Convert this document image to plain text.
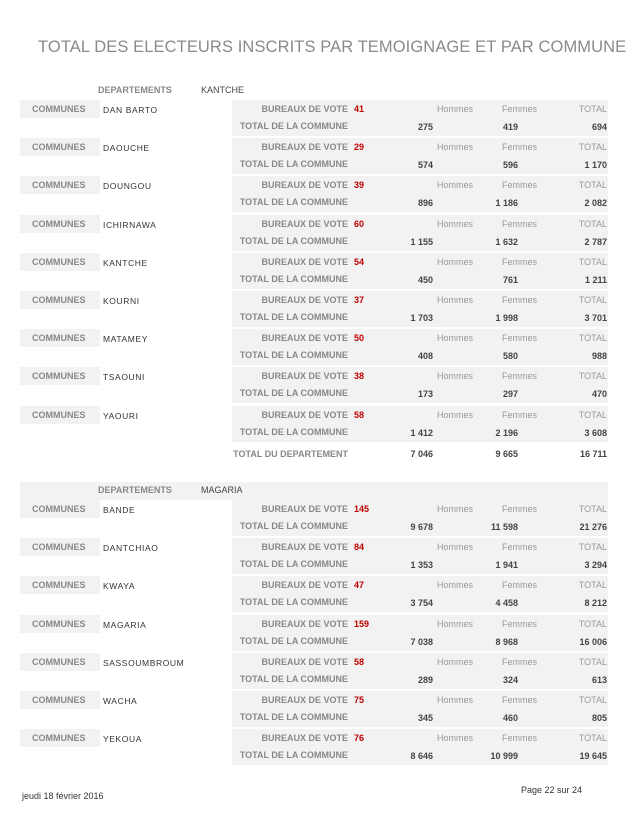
TOTAL DES ELECTEURS INSCRITS PAR TEMOIGNAGE ET PAR COMMUNE
DEPARTEMENTS	KANTCHE
COMMUNES DAN BARTO	BUREAUX DE VOTE 41	Hommes	Femmes	TOTAL
TOTAL DE LA COMMUNE	275	419	694
COMMUNES DAOUCHE	BUREAUX DE VOTE 29	Hommes	Femmes	TOTAL
TOTAL DE LA COMMUNE	574	596	1 170
COMMUNES DOUNGOU	BUREAUX DE VOTE 39	Hommes	Femmes	TOTAL
TOTAL DE LA COMMUNE	896	1 186	2 082
COMMUNES ICHIRNAWA	BUREAUX DE VOTE 60	Hommes	Femmes	TOTAL
TOTAL DE LA COMMUNE	1 155	1 632	2 787
COMMUNES KANTCHE	BUREAUX DE VOTE 54	Hommes	Femmes	TOTAL
TOTAL DE LA COMMUNE	450	761	1 211
COMMUNES KOURNI	BUREAUX DE VOTE 37	Hommes	Femmes	TOTAL
TOTAL DE LA COMMUNE	1 703	1 998	3 701
COMMUNES MATAMEY	BUREAUX DE VOTE 50	Hommes	Femmes	TOTAL
TOTAL DE LA COMMUNE	408	580	988
COMMUNES TSAOUNI	BUREAUX DE VOTE 38	Hommes	Femmes	TOTAL
TOTAL DE LA COMMUNE	173	297	470
COMMUNES YAOURI	BUREAUX DE VOTE 58	Hommes	Femmes	TOTAL
TOTAL DE LA COMMUNE	1 412	2 196	3 608
TOTAL DU DEPARTEMENT	7 046	9 665	16 711
DEPARTEMENTS	MAGARIA
COMMUNES BANDE	BUREAUX DE VOTE 145	Hommes	Femmes	TOTAL
TOTAL DE LA COMMUNE	9 678	11 598	21 276
COMMUNES DANTCHIAO	BUREAUX DE VOTE 84	Hommes	Femmes	TOTAL
TOTAL DE LA COMMUNE	1 353	1 941	3 294
COMMUNES KWAYA	BUREAUX DE VOTE 47	Hommes	Femmes	TOTAL
TOTAL DE LA COMMUNE	3 754	4 458	8 212
COMMUNES MAGARIA	BUREAUX DE VOTE 159	Hommes	Femmes	TOTAL
TOTAL DE LA COMMUNE	7 038	8 968	16 006
COMMUNES SASSOUMBROUM	BUREAUX DE VOTE 58	Hommes	Femmes	TOTAL
TOTAL DE LA COMMUNE	289	324	613
COMMUNES WACHA	BUREAUX DE VOTE 75	Hommes	Femmes	TOTAL
TOTAL DE LA COMMUNE	345	460	805
COMMUNES YEKOUA	BUREAUX DE VOTE 76	Hommes	Femmes	TOTAL
TOTAL DE LA COMMUNE	8 646	10 999	19 645
jeudi 18 février 2016
Page 22 sur 24
